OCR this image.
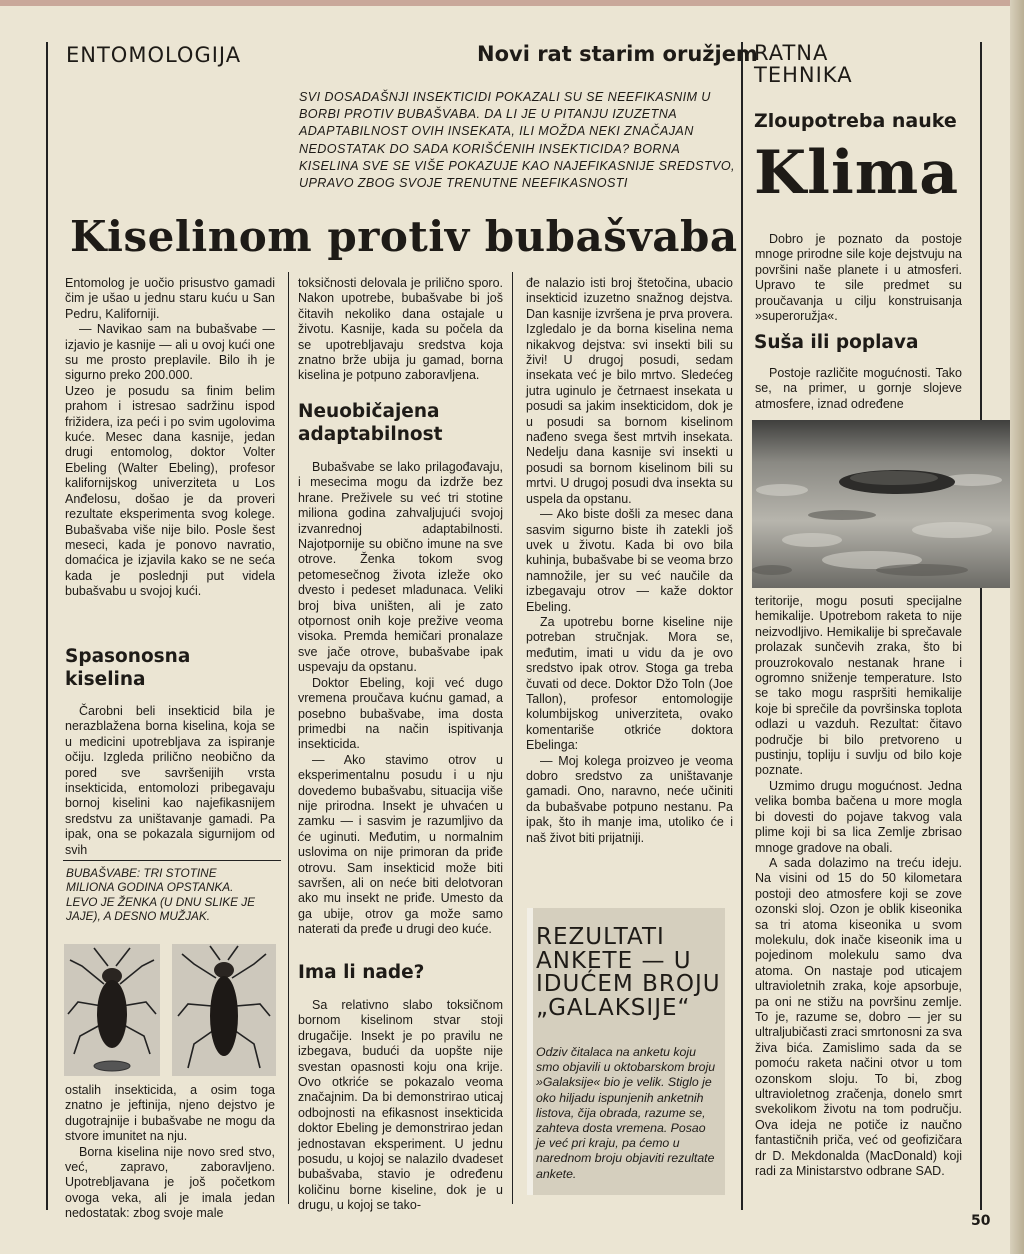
ENTOMOLOGIJA	Novi rat starim oružjem
RATNA TEHNIKA

SVI DOSADAŠNJI INSEKTICIDI POKAZALI SU SE NEEFIKASNIM U BORBI PROTIV BUBAŠVABA. DA LI JE U PITANJU IZUZETNA ADAPTABILNOST OVIH INSEKATA, ILI MOŽDA NEKI ZNAČAJAN NEDOSTATAK DO SADA KORIŠĆENIH INSEKTICIDA? BORNA KISELINA SVE SE VIŠE POKAZUJE KAO NAJEFIKASNIJE SREDSTVO, UPRAVO ZBOG SVOJE TRENUTNE NEEFIKASNOSTI

Kiselinom protiv bubašvaba

Entomolog je uočio prisustvo gamadi čim je ušao u jednu staru kuću u San Pedru, Kaliforniji.

— Navikao sam na bubašvabe — izjavio je kasnije — ali u ovoj kući one su me prosto preplavile. Bilo ih je sigurno preko 200.000.

Uzeo je posudu sa finim belim prahom i istresao sadržinu ispod frižidera, iza peći i po svim ugolovima kuće. Mesec dana kasnije, jedan drugi entomolog, doktor Volter Ebeling (Walter Ebeling), profesor kalifornijskog univerziteta u Los Anđelosu, došao je da proveri rezultate eksperimenta svog kolege. Bubašvaba više nije bilo. Posle šest meseci, kada je ponovo navratio, domaćica je izjavila kako se ne seća kada je poslednji put videla bubašvabu u svojoj kući.

Spasonosna kiselina

Čarobni beli insekticid bila je nerazblažena borna kiselina, koja se u medicini upotrebljava za ispiranje očiju. Izgleda prilično neobično da pored sve savršenijih vrsta insekticida, entomolozi pribegavaju bornoj kiselini kao najefikasnijem sredstvu za uništavanje gamadi. Pa ipak, ona se pokazala sigurnijom od svih

BUBAŠVABE: TRI STOTINE MILIONA GODINA OPSTANKA. LEVO JE ŽENKA (U DNU SLIKE JE JAJE), A DESNO MUŽJAK.

ostalih insekticida, a osim toga znatno je jeftinija, njeno dejstvo je dugotrajnije i bubašvabe ne mogu da stvore imunitet na nju.

Borna kiselina nije novo sred stvo, već, zapravo, zaboravljeno. Upotrebljavana je još početkom ovoga veka, ali je imala jedan nedostatak: zbog svoje male

toksičnosti delovala je prilično sporo. Nakon upotrebe, bubašvabe bi još čitavih nekoliko dana ostajale u životu. Kasnije, kada su počela da se upotrebljavaju sredstva koja znatno brže ubija ju gamad, borna kiselina je potpuno zaboravljena.

Neuobičajena adaptabilnost

Bubašvabe se lako prilagođavaju, i mesecima mogu da izdrže bez hrane. Preživele su već tri stotine miliona godina zahvaljujući svojoj izvanrednoj adaptabilnosti. Najotpornije su obično imune na sve otrove. Ženka tokom svog petomesečnog života izleže oko dvesto i pedeset mladunaca. Veliki broj biva uništen, ali je zato otpornost onih koje prežive veoma visoka. Premda hemičari pronalaze sve jače otrove, bubašvabe ipak uspevaju da opstanu.

Doktor Ebeling, koji već dugo vremena proučava kućnu gamad, a posebno bubašvabe, ima dosta primedbi na način ispitivanja insekticida.

— Ako stavimo otrov u eksperimentalnu posudu i u nju dovedemo bubašvabu, situacija više nije prirodna. Insekt je uhvaćen u zamku — i sasvim je razumljivo da će uginuti. Međutim, u normalnim uslovima on nije primoran da priđe otrovu. Sam insekticid može biti savršen, ali on neće biti delotvoran ako mu insekt ne priđe. Umesto da ga ubije, otrov ga može samo naterati da pređe u drugi deo kuće.

Ima li nade?

Sa relativno slabo toksičnom bornom kiselinom stvar stoji drugačije. Insekt je po pravilu ne izbegava, budući da uopšte nije svestan opasnosti koju ona krije. Ovo otkriće se pokazalo veoma značajnim. Da bi demonstrirao uticaj odbojnosti na efikasnost insekticida doktor Ebeling je demonstrirao jedan jednostavan eksperiment. U jednu posudu, u kojoj se nalazilo dvadeset bubašvaba, stavio je određenu količinu borne kiseline, dok je u drugu, u kojoj se tako-

đe nalazio isti broj štetočina, ubacio insekticid izuzetno snažnog dejstva. Dan kasnije izvršena je prva provera. Izgledalo je da borna kiselina nema nikakvog dejstva: svi insekti bili su živi! U drugoj posudi, sedam insekata već je bilo mrtvo. Sledećeg jutra uginulo je četrnaest insekata u posudi sa jakim insekticidom, dok je u posudi sa bornom kiselinom nađeno svega šest mrtvih insekata. Nedelju dana kasnije svi insekti u posudi sa bornom kiselinom bili su mrtvi. U drugoj posudi dva insekta su uspela da opstanu.

— Ako biste došli za mesec dana sasvim sigurno biste ih zatekli još uvek u životu. Kada bi ovo bila kuhinja, bubašvabe bi se veoma brzo namnožile, jer su već naučile da izbegavaju otrov — kaže doktor Ebeling.

Za upotrebu borne kiseline nije potreban stručnjak. Mora se, međutim, imati u vidu da je ovo sredstvo ipak otrov. Stoga ga treba čuvati od dece. Doktor Džo Toln (Joe Tallon), profesor entomologije kolumbijskog univerziteta, ovako komentariše otkriće doktora Ebelinga:

— Moj kolega proizveo je veoma dobro sredstvo za uništavanje gamadi. Ono, naravno, neće učiniti da bubašvabe potpuno nestanu. Pa ipak, što ih manje ima, utoliko će i naš život biti prijatniji.

REZULTATI ANKETE — U IDUĆEM BROJU „GALAKSIJE“

Odziv čitalaca na anketu koju smo objavili u oktobarskom broju »Galaksije« bio je velik. Stiglo je oko hiljadu ispunjenih anketnih listova, čija obrada, razume se, zahteva dosta vremena. Posao je već pri kraju, pa ćemo u narednom broju objaviti rezultate ankete.

Zloupotreba nauke
Klima

Dobro je poznato da postoje mnoge prirodne sile koje dejstvuju na površini naše planete i u atmosferi. Upravo te sile predmet su proučavanja u cilju konstruisanja »superoružja«.

Suša ili poplava

Postoje različite mogućnosti. Tako se, na primer, u gornje slojeve atmosfere, iznad određene

teritorije, mogu posuti specijalne hemikalije. Upotrebom raketa to nije neizvodljivo. Hemikalije bi sprečavale prolazak sunčevih zraka, što bi prouzrokovalo nestanak hrane i ogromno sniženje temperature. Isto se tako mogu raspršiti hemikalije koje bi sprečile da površinska toplota odlazi u vazduh. Rezultat: čitavo područje bi bilo pretvoreno u pustinju, topliju i suvlju od bilo koje poznate.

Uzmimo drugu mogućnost. Jedna velika bomba bačena u more mogla bi dovesti do pojave takvog vala plime koji bi sa lica Zemlje zbrisao mnoge gradove na obali.

A sada dolazimo na treću ideju. Na visini od 15 do 50 kilometara postoji deo atmosfere koji se zove ozonski sloj. Ozon je oblik kiseonika sa tri atoma kiseonika u svom molekulu, dok inače kiseonik ima u pojedinom molekulu samo dva atoma. On nastaje pod uticajem ultravioletnih zraka, koje apsorbuje, pa oni ne stižu na površinu zemlje. To je, razume se, dobro — jer su ultraljubičasti zraci smrtonosni za sva živa bića. Zamislimo sada da se pomoću raketa načini otvor u tom ozonskom sloju. To bi, zbog ultravioletnog zračenja, donelo smrt svekolikom životu na tom području. Ova ideja ne potiče iz naučno fantastičnih priča, već od geofizičara dr D. Mekdonalda (MacDonald) koji radi za Ministarstvo odbrane SAD.

50
